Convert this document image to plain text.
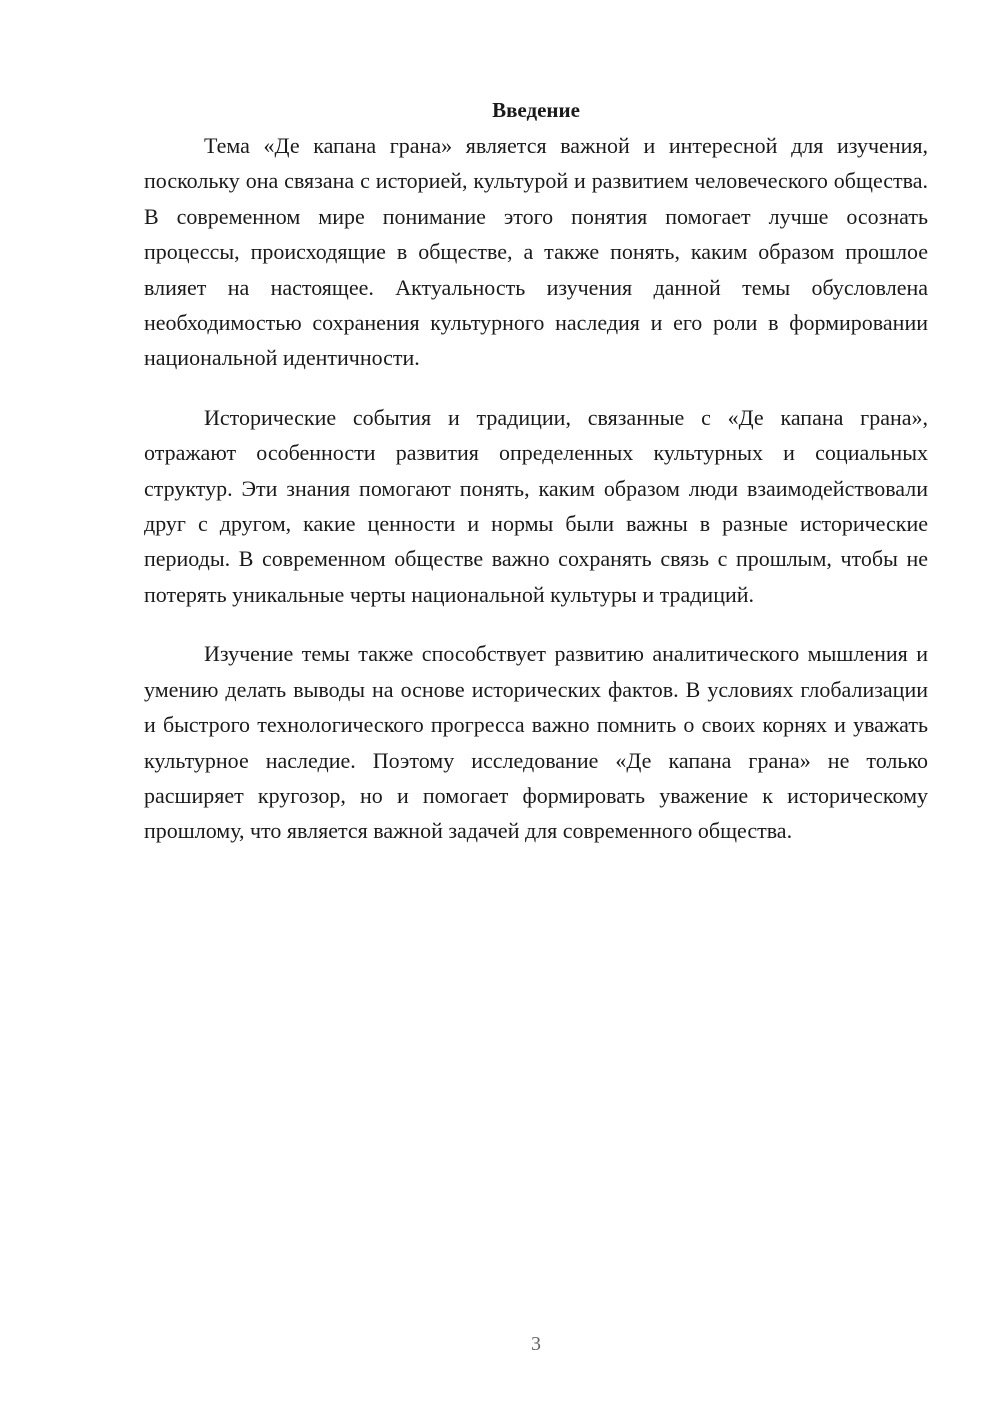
Введение

Тема «Де капана грана» является важной и интересной для изучения, поскольку она связана с историей, культурой и развитием человеческого общества. В современном мире понимание этого понятия помогает лучше осознать процессы, происходящие в обществе, а также понять, каким образом прошлое влияет на настоящее. Актуальность изучения данной темы обусловлена необходимостью сохранения культурного наследия и его роли в формировании национальной идентичности.

Исторические события и традиции, связанные с «Де капана грана», отражают особенности развития определенных культурных и социальных структур. Эти знания помогают понять, каким образом люди взаимодействовали друг с другом, какие ценности и нормы были важны в разные исторические периоды. В современном обществе важно сохранять связь с прошлым, чтобы не потерять уникальные черты национальной культуры и традиций.

Изучение темы также способствует развитию аналитического мышления и умению делать выводы на основе исторических фактов. В условиях глобализации и быстрого технологического прогресса важно помнить о своих корнях и уважать культурное наследие. Поэтому исследование «Де капана грана» не только расширяет кругозор, но и помогает формировать уважение к историческому прошлому, что является важной задачей для современного общества.

3
